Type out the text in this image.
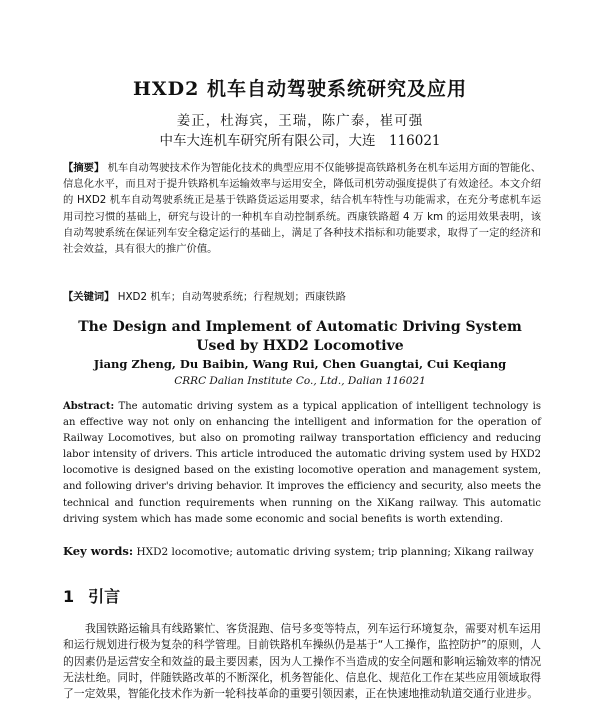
HXD2 机车自动驾驶系统研究及应用
姜正，杜海宾，王瑞，陈广泰，崔可强
中车大连机车研究所有限公司，大连　116021

【摘要】 机车自动驾驶技术作为智能化技术的典型应用不仅能够提高铁路机务在机车运用方面的智能化、信息化水平，而且对于提升铁路机车运输效率与运用安全，降低司机劳动强度提供了有效途径。本文介绍的 HXD2 机车自动驾驶系统正是基于铁路货运运用要求，结合机车特性与功能需求，在充分考虑机车运用司控习惯的基础上，研究与设计的一种机车自动控制系统。西康铁路超 4 万 km 的运用效果表明，该自动驾驶系统在保证列车安全稳定运行的基础上，满足了各种技术指标和功能要求，取得了一定的经济和社会效益，具有很大的推广价值。

【关键词】 HXD2 机车；自动驾驶系统；行程规划；西康铁路

The Design and Implement of Automatic Driving System
Used by HXD2 Locomotive
Jiang Zheng, Du Baibin, Wang Rui, Chen Guangtai, Cui Keqiang
CRRC Dalian Institute Co., Ltd., Dalian 116021

Abstract: The automatic driving system as a typical application of intelligent technology is an effective way not only on enhancing the intelligent and information for the operation of Railway Locomotives, but also on promoting railway transportation efficiency and reducing labor intensity of drivers. This article introduced the automatic driving system used by HXD2 locomotive is designed based on the existing locomotive operation and management system, and following driver's driving behavior. It improves the efficiency and security, also meets the technical and function requirements when running on the XiKang railway. This automatic driving system which has made some economic and social benefits is worth extending.

Key words: HXD2 locomotive; automatic driving system; trip planning; Xikang railway

1 引言

我国铁路运输具有线路繁忙、客货混跑、信号多变等特点，列车运行环境复杂，需要对机车运用和运行规划进行极为复杂的科学管理。目前铁路机车操纵仍是基于“人工操作，监控防护”的原则，人的因素仍是运营安全和效益的最主要因素，因为人工操作不当造成的安全问题和影响运输效率的情况无法杜绝。同时，伴随铁路改革的不断深化，机务智能化、信息化、规范化工作在某些应用领域取得了一定效果，智能化技术作为新一轮科技革命的重要引领因素，正在快速地推动轨道交通行业进步。
